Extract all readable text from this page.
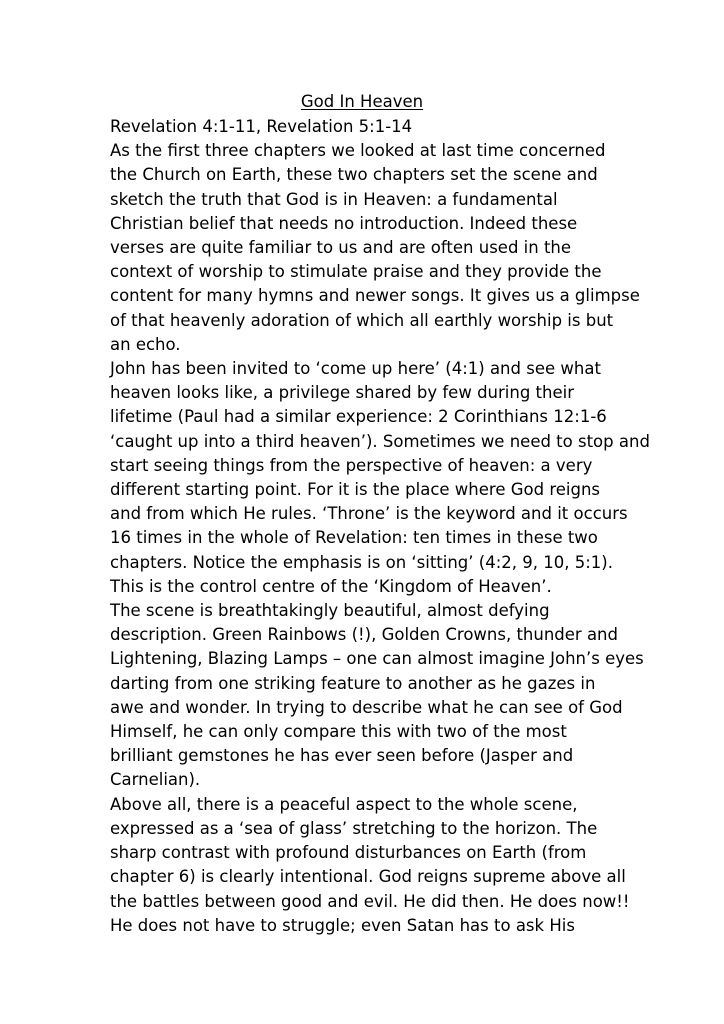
God In Heaven
Revelation 4:1-11, Revelation 5:1-14
As the first three chapters we looked at last time concerned
the Church on Earth, these two chapters set the scene and
sketch the truth that God is in Heaven: a fundamental
Christian belief that needs no introduction. Indeed these
verses are quite familiar to us and are often used in the
context of worship to stimulate praise and they provide the
content for many hymns and newer songs. It gives us a glimpse
of that heavenly adoration of which all earthly worship is but
an echo.
John has been invited to ‘come up here’ (4:1) and see what
heaven looks like, a privilege shared by few during their
lifetime (Paul had a similar experience: 2 Corinthians 12:1-6
‘caught up into a third heaven’). Sometimes we need to stop and
start seeing things from the perspective of heaven: a very
different starting point. For it is the place where God reigns
and from which He rules. ‘Throne’ is the keyword and it occurs
16 times in the whole of Revelation: ten times in these two
chapters. Notice the emphasis is on ‘sitting’ (4:2, 9, 10, 5:1).
This is the control centre of the ‘Kingdom of Heaven’.
The scene is breathtakingly beautiful, almost defying
description. Green Rainbows (!), Golden Crowns, thunder and
Lightening, Blazing Lamps – one can almost imagine John’s eyes
darting from one striking feature to another as he gazes in
awe and wonder. In trying to describe what he can see of God
Himself, he can only compare this with two of the most
brilliant gemstones he has ever seen before (Jasper and
Carnelian).
Above all, there is a peaceful aspect to the whole scene,
expressed as a ‘sea of glass’ stretching to the horizon. The
sharp contrast with profound disturbances on Earth (from
chapter 6) is clearly intentional. God reigns supreme above all
the battles between good and evil. He did then. He does now!!
He does not have to struggle; even Satan has to ask His
